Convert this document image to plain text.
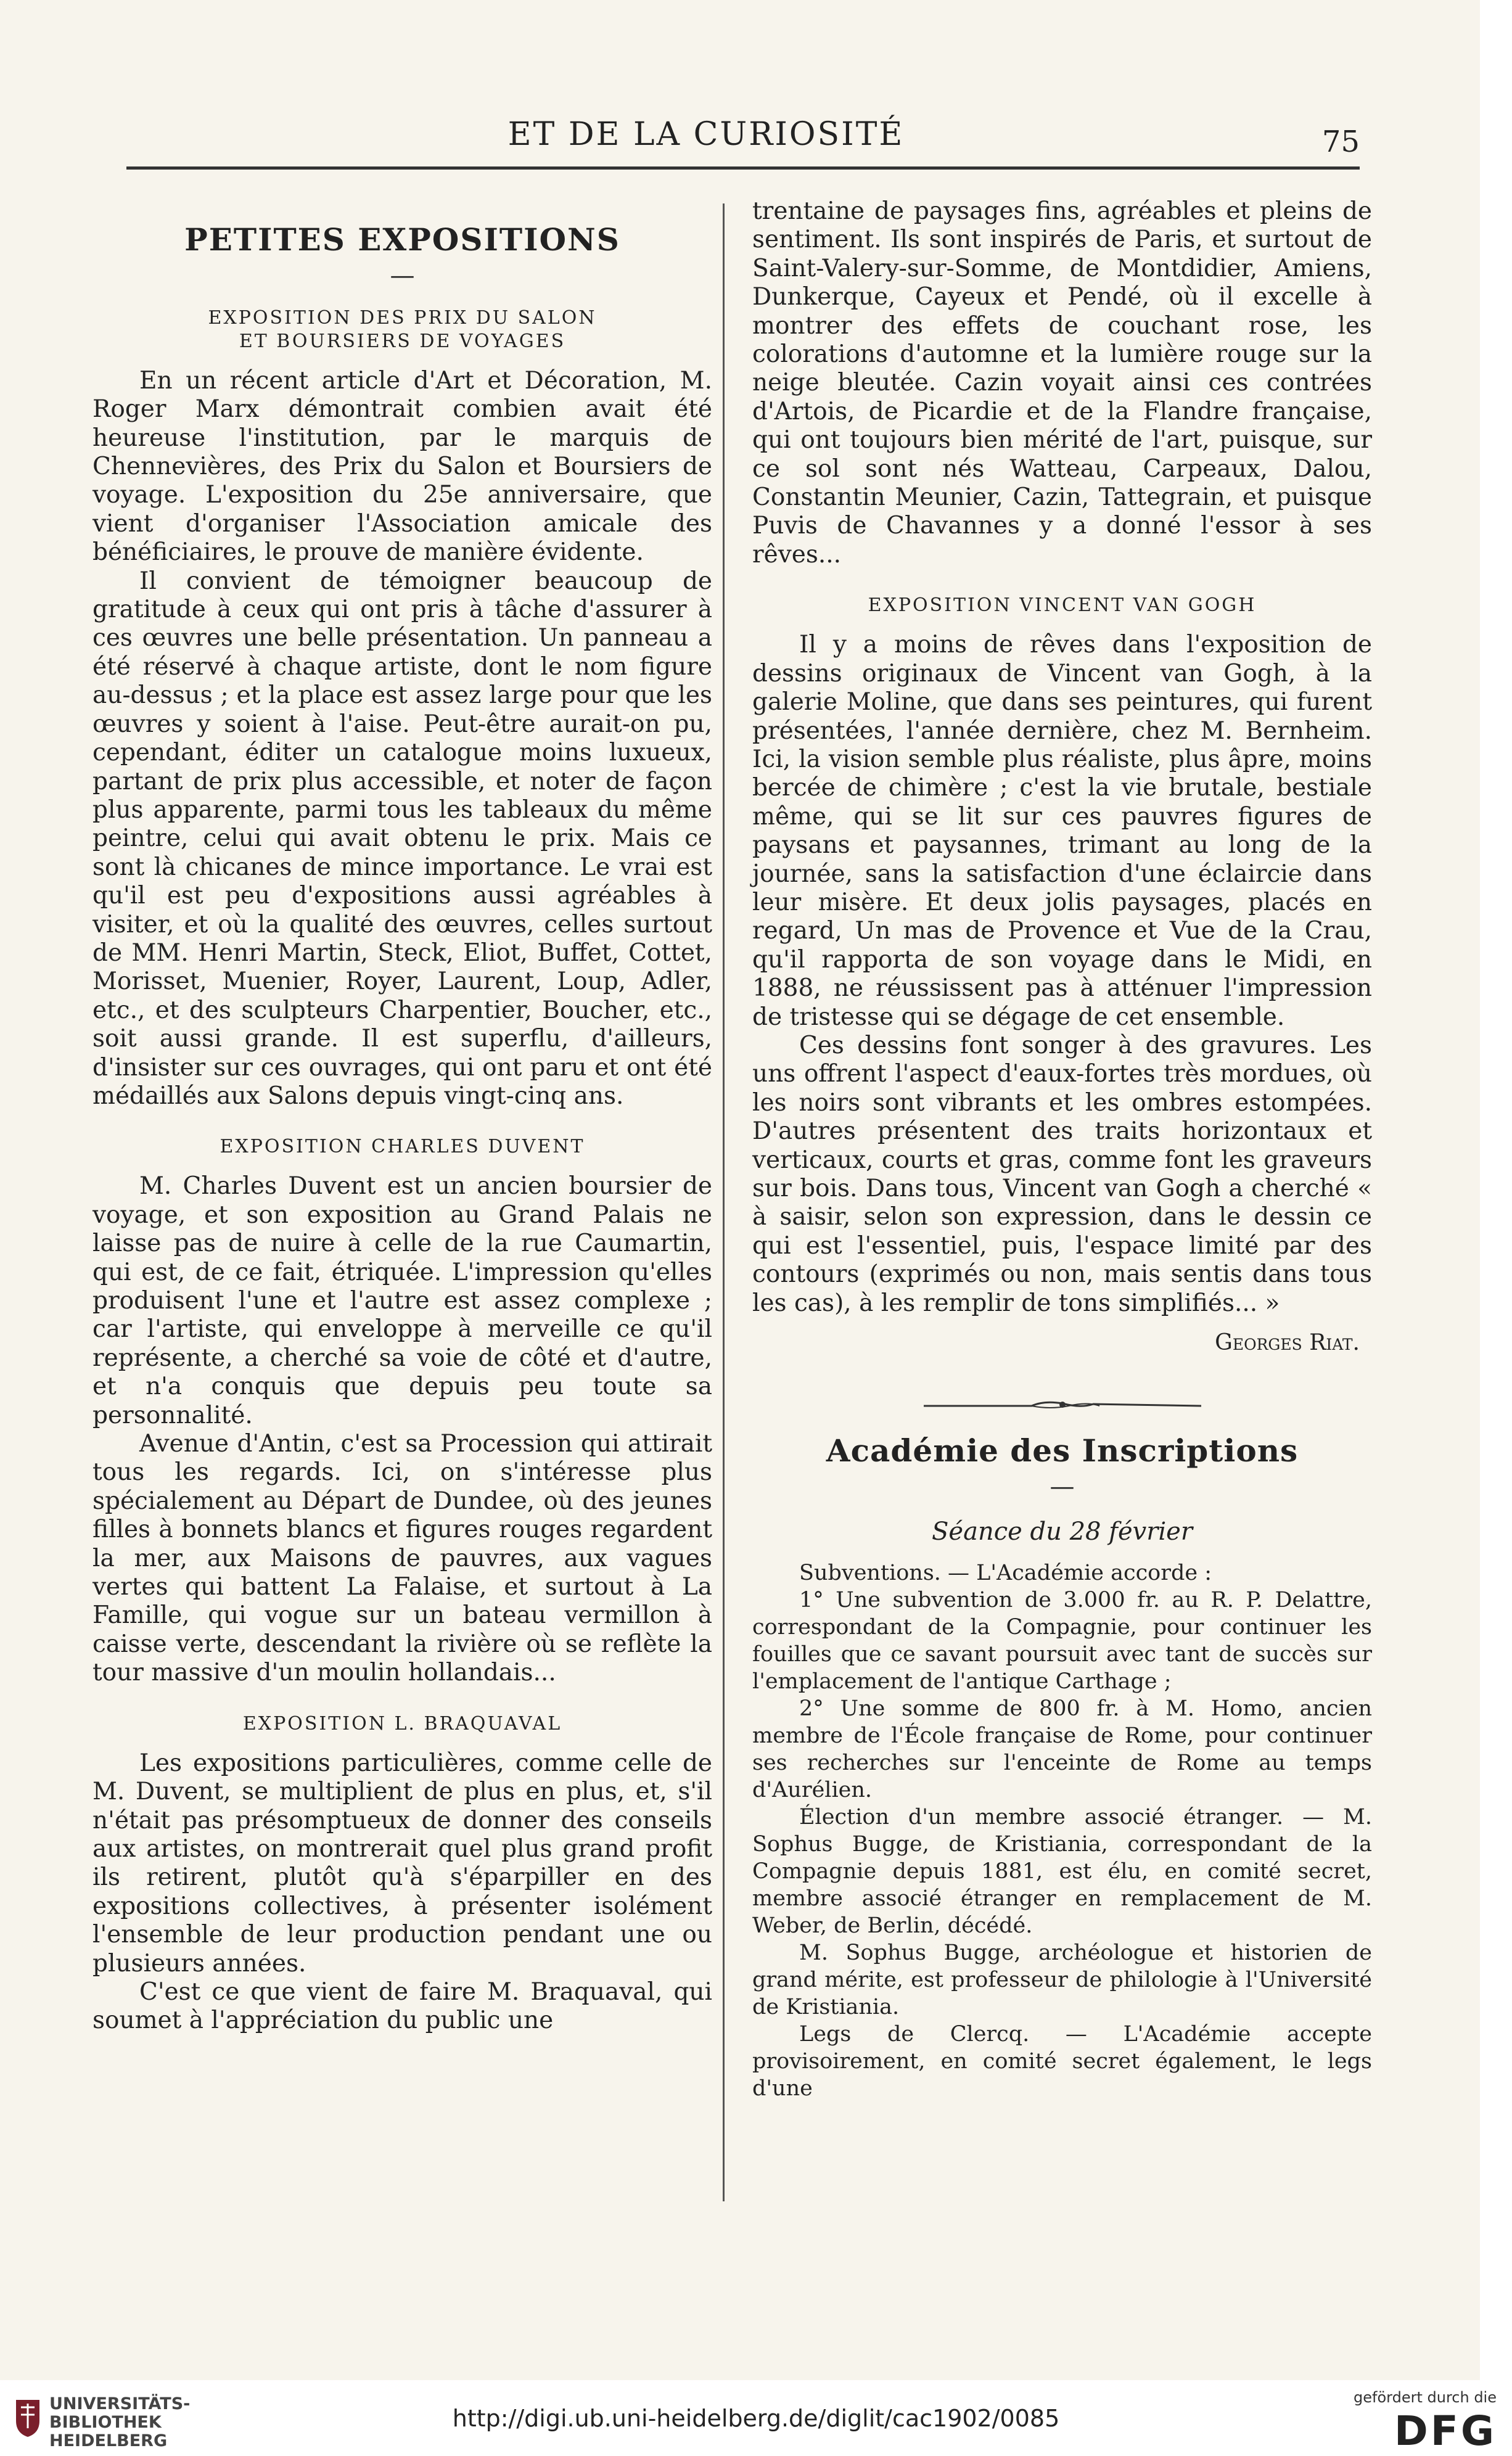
ET DE LA CURIOSITÉ	75
PETITES EXPOSITIONS
—
EXPOSITION DES PRIX DU SALON
ET BOURSIERS DE VOYAGES

En un récent article d'Art et Décoration, M. Roger Marx démontrait combien avait été heureuse l'institution, par le marquis de Chennevières, des Prix du Salon et Boursiers de voyage. L'exposition du 25e anniversaire, que vient d'organiser l'Association amicale des bénéficiaires, le prouve de manière évidente.

Il convient de témoigner beaucoup de gratitude à ceux qui ont pris à tâche d'assurer à ces œuvres une belle présentation. Un panneau a été réservé à chaque artiste, dont le nom figure au-dessus ; et la place est assez large pour que les œuvres y soient à l'aise. Peut-être aurait-on pu, cependant, éditer un catalogue moins luxueux, partant de prix plus accessible, et noter de façon plus apparente, parmi tous les tableaux du même peintre, celui qui avait obtenu le prix. Mais ce sont là chicanes de mince importance. Le vrai est qu'il est peu d'expositions aussi agréables à visiter, et où la qualité des œuvres, celles surtout de MM. Henri Martin, Steck, Eliot, Buffet, Cottet, Morisset, Muenier, Royer, Laurent, Loup, Adler, etc., et des sculpteurs Charpentier, Boucher, etc., soit aussi grande. Il est superflu, d'ailleurs, d'insister sur ces ouvrages, qui ont paru et ont été médaillés aux Salons depuis vingt-cinq ans.

EXPOSITION CHARLES DUVENT

M. Charles Duvent est un ancien boursier de voyage, et son exposition au Grand Palais ne laisse pas de nuire à celle de la rue Caumartin, qui est, de ce fait, étriquée. L'impression qu'elles produisent l'une et l'autre est assez complexe ; car l'artiste, qui enveloppe à merveille ce qu'il représente, a cherché sa voie de côté et d'autre, et n'a conquis que depuis peu toute sa personnalité.

Avenue d'Antin, c'est sa Procession qui attirait tous les regards. Ici, on s'intéresse plus spécialement au Départ de Dundee, où des jeunes filles à bonnets blancs et figures rouges regardent la mer, aux Maisons de pauvres, aux vagues vertes qui battent La Falaise, et surtout à La Famille, qui vogue sur un bateau vermillon à caisse verte, descendant la rivière où se reflète la tour massive d'un moulin hollandais...

EXPOSITION L. BRAQUAVAL

Les expositions particulières, comme celle de M. Duvent, se multiplient de plus en plus, et, s'il n'était pas présomptueux de donner des conseils aux artistes, on montrerait quel plus grand profit ils retirent, plutôt qu'à s'éparpiller en des expositions collectives, à présenter isolément l'ensemble de leur production pendant une ou plusieurs années.

C'est ce que vient de faire M. Braquaval, qui soumet à l'appréciation du public une

trentaine de paysages fins, agréables et pleins de sentiment. Ils sont inspirés de Paris, et surtout de Saint-Valery-sur-Somme, de Montdidier, Amiens, Dunkerque, Cayeux et Pendé, où il excelle à montrer des effets de couchant rose, les colorations d'automne et la lumière rouge sur la neige bleutée. Cazin voyait ainsi ces contrées d'Artois, de Picardie et de la Flandre française, qui ont toujours bien mérité de l'art, puisque, sur ce sol sont nés Watteau, Carpeaux, Dalou, Constantin Meunier, Cazin, Tattegrain, et puisque Puvis de Chavannes y a donné l'essor à ses rêves...

EXPOSITION VINCENT VAN GOGH

Il y a moins de rêves dans l'exposition de dessins originaux de Vincent van Gogh, à la galerie Moline, que dans ses peintures, qui furent présentées, l'année dernière, chez M. Bernheim. Ici, la vision semble plus réaliste, plus âpre, moins bercée de chimère ; c'est la vie brutale, bestiale même, qui se lit sur ces pauvres figures de paysans et paysannes, trimant au long de la journée, sans la satisfaction d'une éclaircie dans leur misère. Et deux jolis paysages, placés en regard, Un mas de Provence et Vue de la Crau, qu'il rapporta de son voyage dans le Midi, en 1888, ne réussissent pas à atténuer l'impression de tristesse qui se dégage de cet ensemble.

Ces dessins font songer à des gravures. Les uns offrent l'aspect d'eaux-fortes très mordues, où les noirs sont vibrants et les ombres estompées. D'autres présentent des traits horizontaux et verticaux, courts et gras, comme font les graveurs sur bois. Dans tous, Vincent van Gogh a cherché « à saisir, selon son expression, dans le dessin ce qui est l'essentiel, puis, l'espace limité par des contours (exprimés ou non, mais sentis dans tous les cas), à les remplir de tons simplifiés... »

Georges Riat.
Académie des Inscriptions
—
Séance du 28 février

Subventions. — L'Académie accorde :

1° Une subvention de 3.000 fr. au R. P. Delattre, correspondant de la Compagnie, pour continuer les fouilles que ce savant poursuit avec tant de succès sur l'emplacement de l'antique Carthage ;

2° Une somme de 800 fr. à M. Homo, ancien membre de l'École française de Rome, pour continuer ses recherches sur l'enceinte de Rome au temps d'Aurélien.

Élection d'un membre associé étranger. — M. Sophus Bugge, de Kristiania, correspondant de la Compagnie depuis 1881, est élu, en comité secret, membre associé étranger en remplacement de M. Weber, de Berlin, décédé.

M. Sophus Bugge, archéologue et historien de grand mérite, est professeur de philologie à l'Université de Kristiania.

Legs de Clercq. — L'Académie accepte provisoirement, en comité secret également, le legs d'une

UNIVERSITÄTS-
BIBLIOTHEK
HEIDELBERG
http://digi.ub.uni-heidelberg.de/diglit/cac1902/0085
gefördert durch die
DFG
